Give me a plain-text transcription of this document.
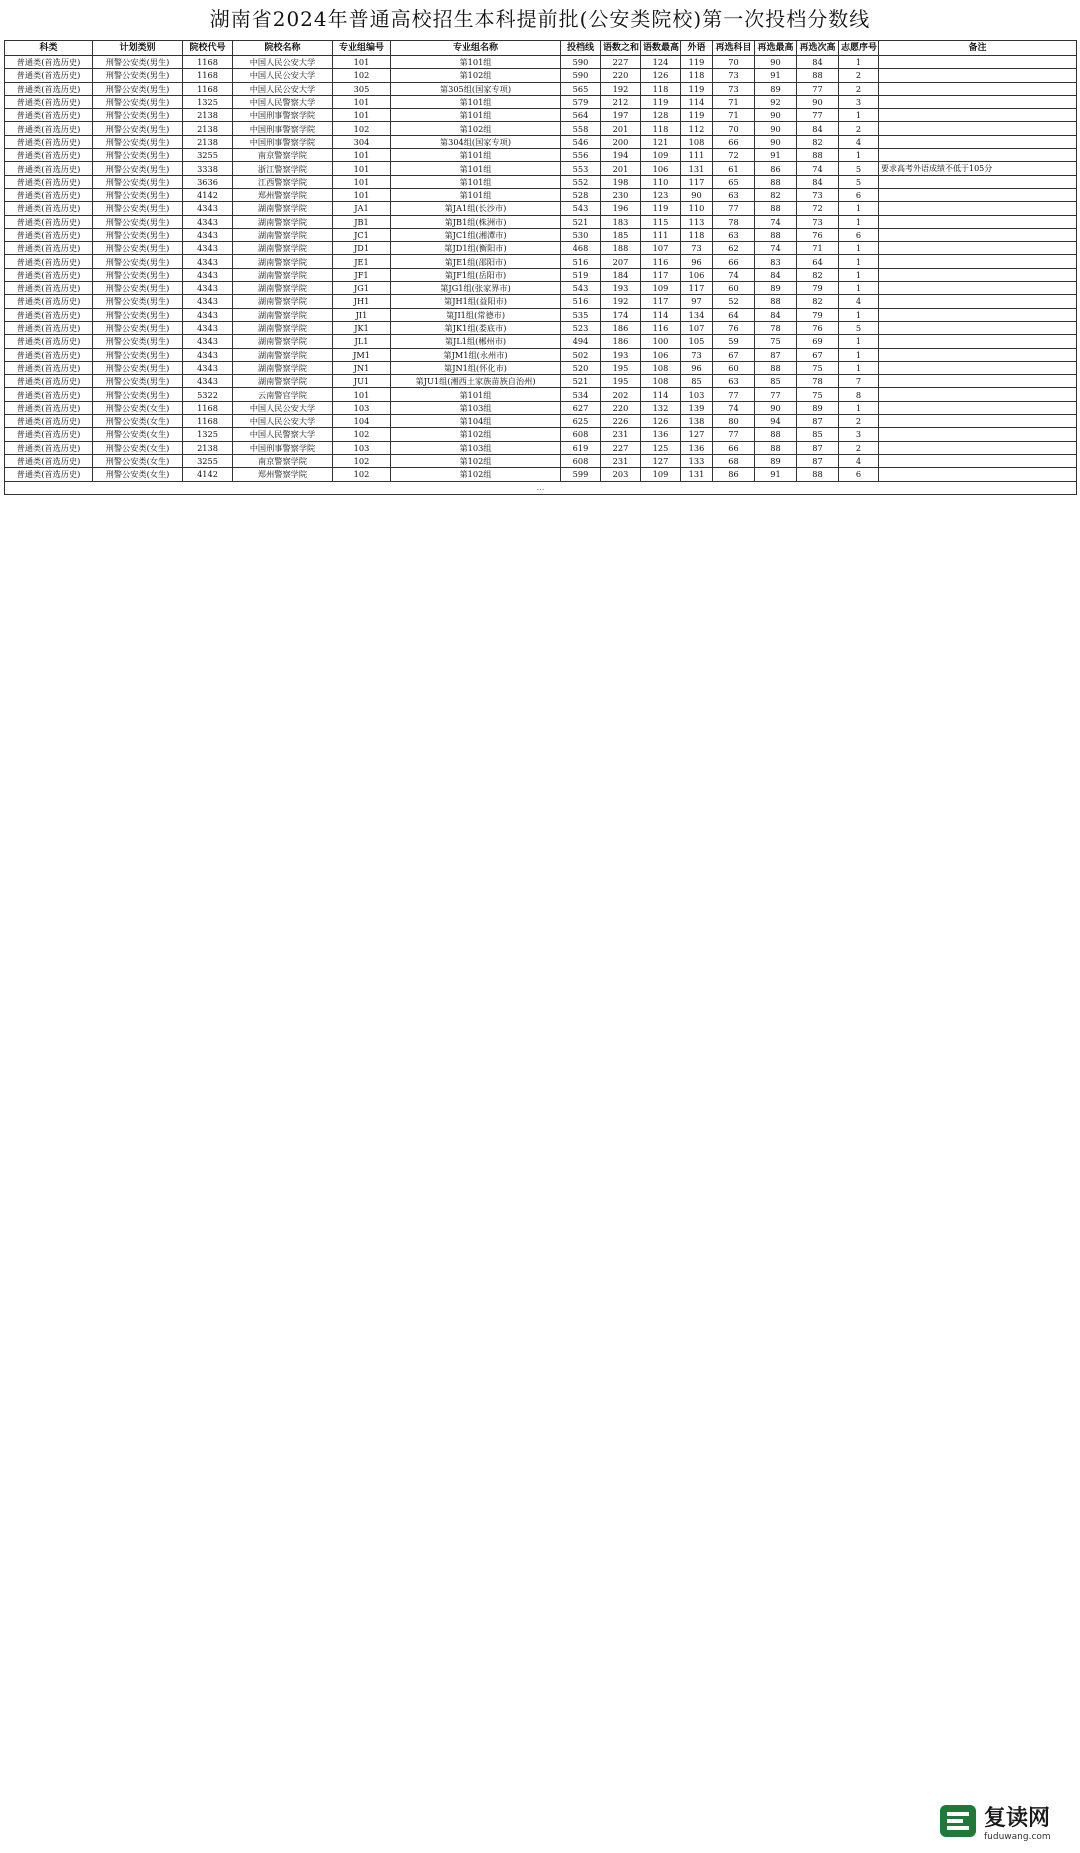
湖南省2024年普通高校招生本科提前批(公安类院校)第一次投档分数线
科类	计划类别	院校代号	院校名称	专业组编号	专业组名称	投档线	语数之和	语数最高	外语	再选科目	再选最高	再选次高	志愿序号	备注
普通类(首选历史)	刑警公安类(男生)	1168	中国人民公安大学	101	第101组	590	227	124	119	70	90	84	1	
普通类(首选历史)	刑警公安类(男生)	1168	中国人民公安大学	102	第102组	590	220	126	118	73	91	88	2	
普通类(首选历史)	刑警公安类(男生)	1168	中国人民公安大学	305	第305组(国家专项)	565	192	118	119	73	89	77	2	
普通类(首选历史)	刑警公安类(男生)	1325	中国人民警察大学	101	第101组	579	212	119	114	71	92	90	3	
普通类(首选历史)	刑警公安类(男生)	2138	中国刑事警察学院	101	第101组	564	197	128	119	71	90	77	1	
普通类(首选历史)	刑警公安类(男生)	2138	中国刑事警察学院	102	第102组	558	201	118	112	70	90	84	2	
普通类(首选历史)	刑警公安类(男生)	2138	中国刑事警察学院	304	第304组(国家专项)	546	200	121	108	66	90	82	4	
普通类(首选历史)	刑警公安类(男生)	3255	南京警察学院	101	第101组	556	194	109	111	72	91	88	1	
普通类(首选历史)	刑警公安类(男生)	3338	浙江警察学院	101	第101组	553	201	106	131	61	86	74	5	要求高考外语成绩不低于105分
普通类(首选历史)	刑警公安类(男生)	3636	江西警察学院	101	第101组	552	198	110	117	65	88	84	5	
普通类(首选历史)	刑警公安类(男生)	4142	郑州警察学院	101	第101组	528	230	123	90	63	82	73	6	
普通类(首选历史)	刑警公安类(男生)	4343	湖南警察学院	JA1	第JA1组(长沙市)	543	196	119	110	77	88	72	1	
普通类(首选历史)	刑警公安类(男生)	4343	湖南警察学院	JB1	第JB1组(株洲市)	521	183	115	113	78	74	73	1	
普通类(首选历史)	刑警公安类(男生)	4343	湖南警察学院	JC1	第JC1组(湘潭市)	530	185	111	118	63	88	76	6	
普通类(首选历史)	刑警公安类(男生)	4343	湖南警察学院	JD1	第JD1组(衡阳市)	468	188	107	73	62	74	71	1	
普通类(首选历史)	刑警公安类(男生)	4343	湖南警察学院	JE1	第JE1组(邵阳市)	516	207	116	96	66	83	64	1	
普通类(首选历史)	刑警公安类(男生)	4343	湖南警察学院	JF1	第JF1组(岳阳市)	519	184	117	106	74	84	82	1	
普通类(首选历史)	刑警公安类(男生)	4343	湖南警察学院	JG1	第JG1组(张家界市)	543	193	109	117	60	89	79	1	
普通类(首选历史)	刑警公安类(男生)	4343	湖南警察学院	JH1	第JH1组(益阳市)	516	192	117	97	52	88	82	4	
普通类(首选历史)	刑警公安类(男生)	4343	湖南警察学院	JI1	第JI1组(常德市)	535	174	114	134	64	84	79	1	
普通类(首选历史)	刑警公安类(男生)	4343	湖南警察学院	JK1	第JK1组(娄底市)	523	186	116	107	76	78	76	5	
普通类(首选历史)	刑警公安类(男生)	4343	湖南警察学院	JL1	第JL1组(郴州市)	494	186	100	105	59	75	69	1	
普通类(首选历史)	刑警公安类(男生)	4343	湖南警察学院	JM1	第JM1组(永州市)	502	193	106	73	67	87	67	1	
普通类(首选历史)	刑警公安类(男生)	4343	湖南警察学院	JN1	第JN1组(怀化市)	520	195	108	96	60	88	75	1	
普通类(首选历史)	刑警公安类(男生)	4343	湖南警察学院	JU1	第JU1组(湘西土家族苗族自治州)	521	195	108	85	63	85	78	7	
普通类(首选历史)	刑警公安类(男生)	5322	云南警官学院	101	第101组	534	202	114	103	77	77	75	8	
普通类(首选历史)	刑警公安类(女生)	1168	中国人民公安大学	103	第103组	627	220	132	139	74	90	89	1	
普通类(首选历史)	刑警公安类(女生)	1168	中国人民公安大学	104	第104组	625	226	126	138	80	94	87	2	
普通类(首选历史)	刑警公安类(女生)	1325	中国人民警察大学	102	第102组	608	231	136	127	77	88	85	3	
普通类(首选历史)	刑警公安类(女生)	2138	中国刑事警察学院	103	第103组	619	227	125	136	66	88	87	2	
普通类(首选历史)	刑警公安类(女生)	3255	南京警察学院	102	第102组	608	231	127	133	68	89	87	4	
普通类(首选历史)	刑警公安类(女生)	4142	郑州警察学院	102	第102组	599	203	109	131	86	91	88	6	
…														
复读网
fuduwang.com
